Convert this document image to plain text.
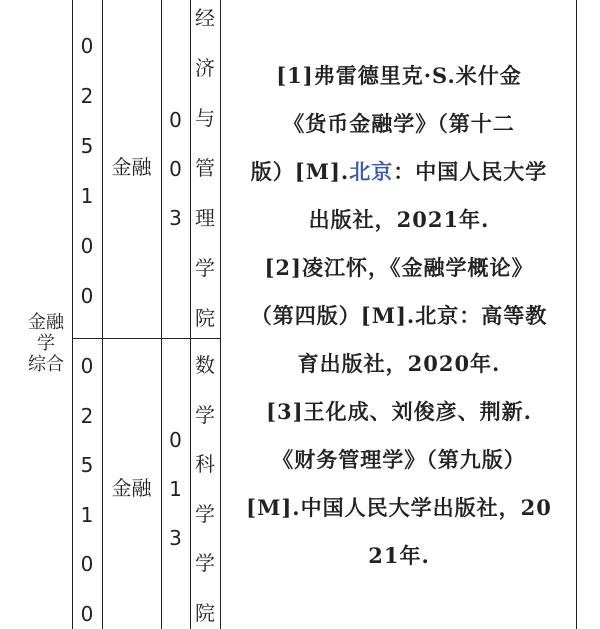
金融
学
综合
0
2
5
1
0
0
金融
0
0
3
经
济
与
管
理
学
院
0
2
5
1
0
0
金融
0
1
3
数
学
科
学
学
院
[1]弗雷德里克·S.米什金
《货币金融学》（第十二
版）[M].北京：中国人民大学
出版社，2021年.
[2]凌江怀，《金融学概论》
（第四版）[M].北京：高等教
育出版社，2020年.
[3]王化成、刘俊彦、荆新.
《财务管理学》（第九版）
[M].中国人民大学出版社，20
21年.
